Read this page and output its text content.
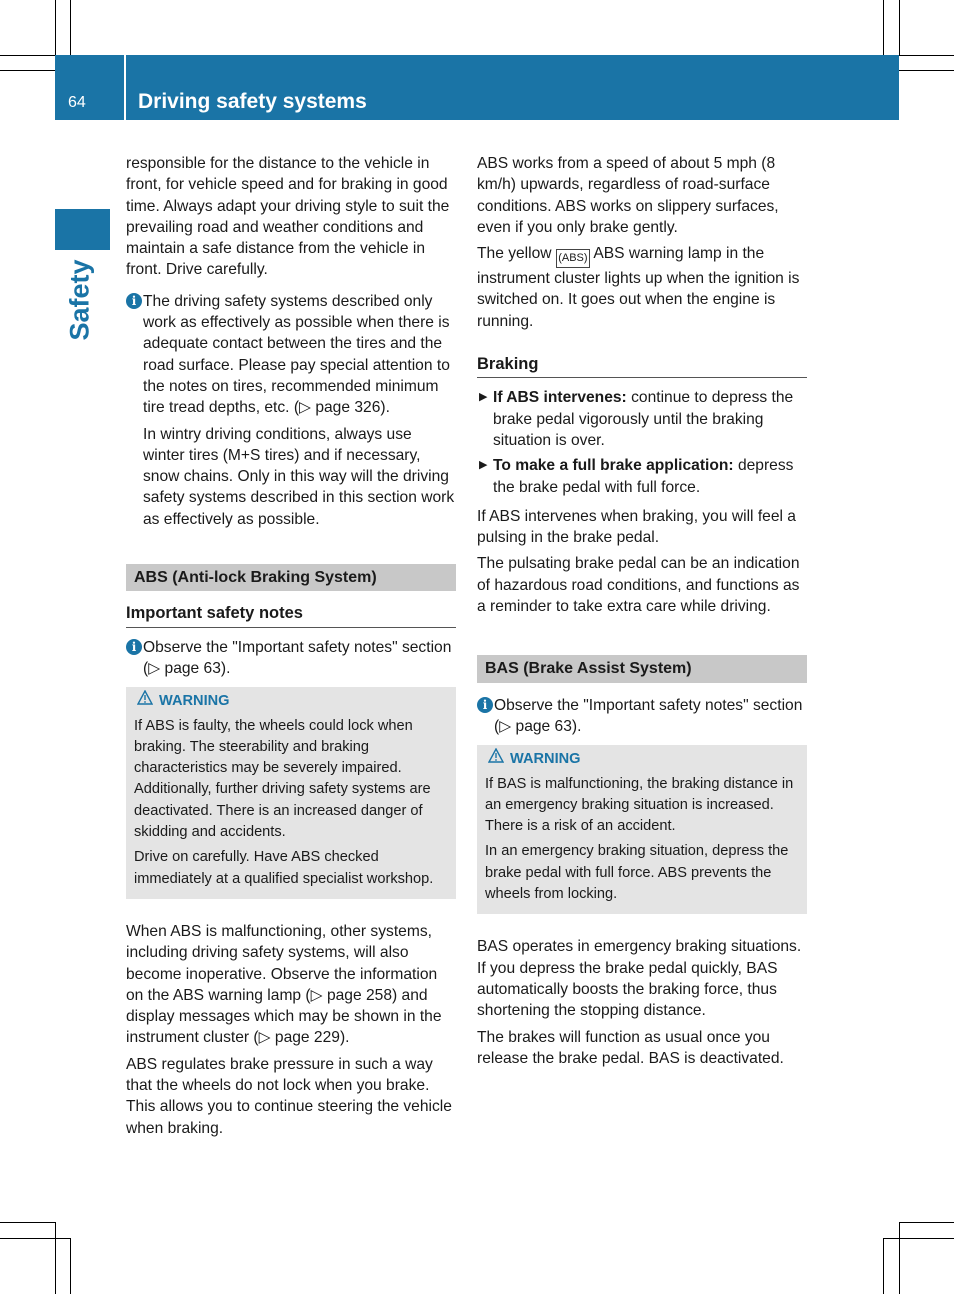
64	Driving safety systems
Safety

responsible for the distance to the vehicle in front, for vehicle speed and for braking in good time. Always adapt your driving style to suit the prevailing road and weather conditions and maintain a safe distance from the vehicle in front. Drive carefully.

i The driving safety systems described only work as effectively as possible when there is adequate contact between the tires and the road surface. Please pay special attention to the notes on tires, recommended minimum tire tread depths, etc. (▷ page 326).

In wintry driving conditions, always use winter tires (M+S tires) and if necessary, snow chains. Only in this way will the driving safety systems described in this section work as effectively as possible.

ABS (Anti-lock Braking System)
Important safety notes
i Observe the "Important safety notes" section (▷ page 63).

WARNING

If ABS is faulty, the wheels could lock when braking. The steerability and braking characteristics may be severely impaired. Additionally, further driving safety systems are deactivated. There is an increased danger of skidding and accidents.

Drive on carefully. Have ABS checked immediately at a qualified specialist workshop.

When ABS is malfunctioning, other systems, including driving safety systems, will also become inoperative. Observe the information on the ABS warning lamp (▷ page 258) and display messages which may be shown in the instrument cluster (▷ page 229).

ABS regulates brake pressure in such a way that the wheels do not lock when you brake. This allows you to continue steering the vehicle when braking.

ABS works from a speed of about 5 mph (8 km/h) upwards, regardless of road-surface conditions. ABS works on slippery surfaces, even if you only brake gently.

The yellow (ABS) ABS warning lamp in the instrument cluster lights up when the ignition is switched on. It goes out when the engine is running.

Braking
▶ If ABS intervenes: continue to depress the brake pedal vigorously until the braking situation is over.
▶ To make a full brake application: depress the brake pedal with full force.

If ABS intervenes when braking, you will feel a pulsing in the brake pedal.

The pulsating brake pedal can be an indication of hazardous road conditions, and functions as a reminder to take extra care while driving.

BAS (Brake Assist System)
i Observe the "Important safety notes" section (▷ page 63).

WARNING

If BAS is malfunctioning, the braking distance in an emergency braking situation is increased. There is a risk of an accident.

In an emergency braking situation, depress the brake pedal with full force. ABS prevents the wheels from locking.

BAS operates in emergency braking situations. If you depress the brake pedal quickly, BAS automatically boosts the braking force, thus shortening the stopping distance.

The brakes will function as usual once you release the brake pedal. BAS is deactivated.
